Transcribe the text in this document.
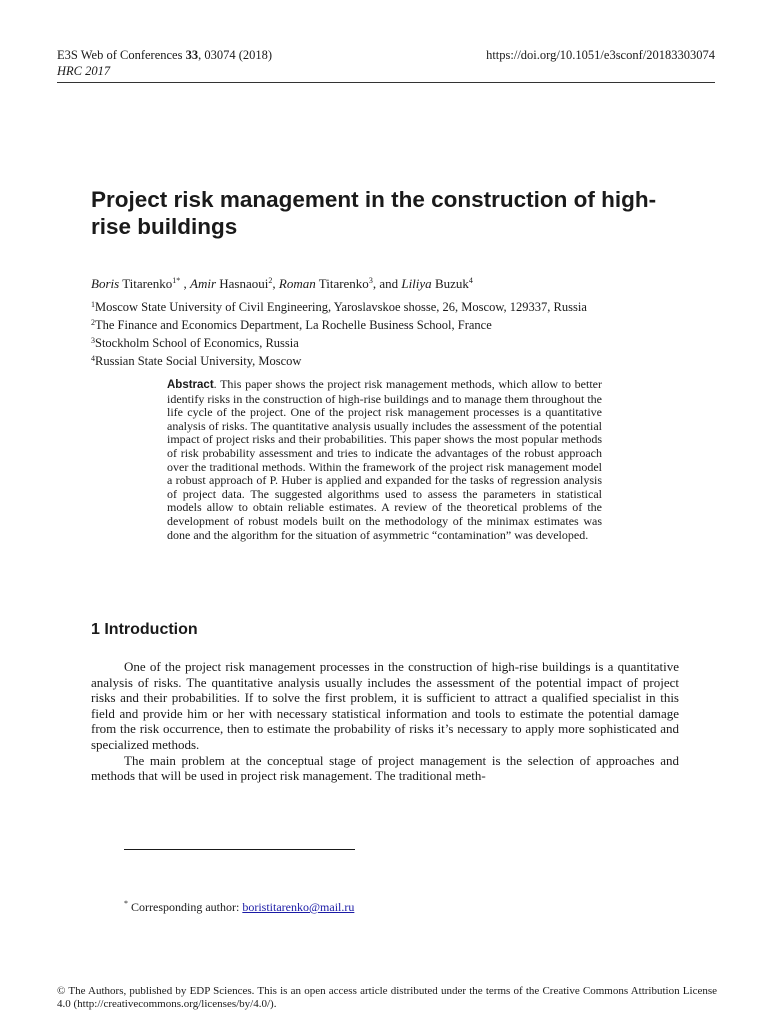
E3S Web of Conferences 33, 03074 (2018)
HRC 2017
https://doi.org/10.1051/e3sconf/20183303074
Project risk management in the construction of high-rise buildings
Boris Titarenko$^{1*}$ , Amir Hasnaoui$^2$, Roman Titarenko$^3$, and Liliya Buzuk$^4$
$^1$Moscow State University of Civil Engineering, Yaroslavskoe shosse, 26, Moscow, 129337, Russia
$^2$The Finance and Economics Department, La Rochelle Business School, France
$^3$Stockholm School of Economics, Russia
$^4$Russian State Social University, Moscow
Abstract. This paper shows the project risk management methods, which allow to better identify risks in the construction of high-rise buildings and to manage them throughout the life cycle of the project. One of the project risk management processes is a quantitative analysis of risks. The quantitative analysis usually includes the assessment of the potential impact of project risks and their probabilities. This paper shows the most popular methods of risk probability assessment and tries to indicate the advantages of the robust approach over the traditional methods. Within the framework of the project risk management model a robust approach of P. Huber is applied and expanded for the tasks of regression analysis of project data. The suggested algorithms used to assess the parameters in statistical models allow to obtain reliable estimates. A review of the theoretical problems of the development of robust models built on the methodology of the minimax estimates was done and the algorithm for the situation of asymmetric “contamination” was developed.
1 Introduction

One of the project risk management processes in the construction of high-rise buildings is a quantitative analysis of risks. The quantitative analysis usually includes the assessment of the potential impact of project risks and their probabilities. If to solve the first problem, it is sufficient to attract a qualified specialist in this field and provide him or her with necessary statistical information and tools to estimate the potential damage from the risk occurrence, then to estimate the probability of risks it’s necessary to apply more sophisticated and specialized methods.

The main problem at the conceptual stage of project management is the selection of approaches and methods that will be used in project risk management. The traditional meth-

* Corresponding author: boristitarenko@mail.ru
© The Authors, published by EDP Sciences. This is an open access article distributed under the terms of the Creative Commons Attribution License 4.0 (http://creativecommons.org/licenses/by/4.0/).
